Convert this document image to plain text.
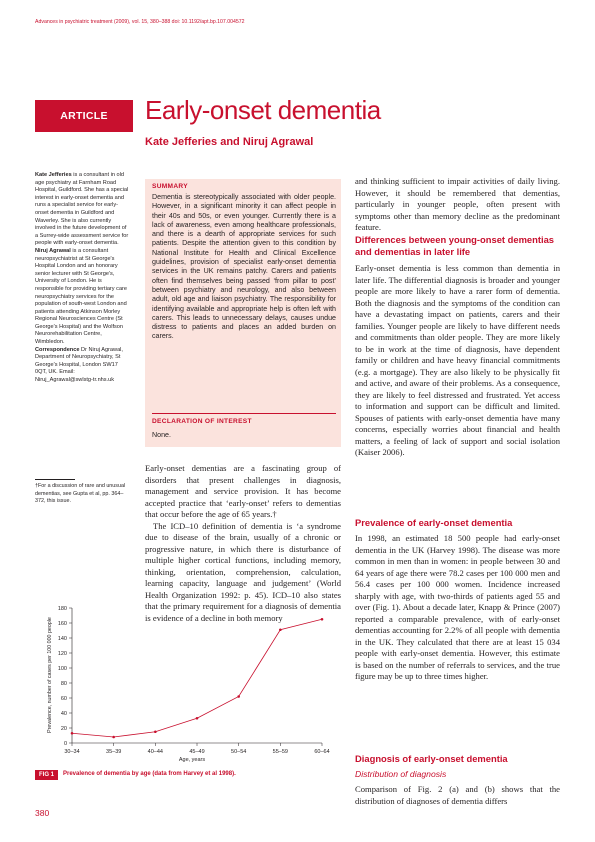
Advances in psychiatric treatment (2009), vol. 15, 380–388 doi: 10.1192/apt.bp.107.004572
ARTICLE	Early-onset dementia
Kate Jefferies and Niruj Agrawal

Kate Jefferies is a consultant in old age psychiatry at Farnham Road Hospital, Guildford. She has a special interest in early-onset dementia and runs a specialist service for early-onset dementia in Guildford and Waverley. She is also currently involved in the future development of a Surrey-wide assessment service for people with early-onset dementia.

Niruj Agrawal is a consultant neuropsychiatrist at St George's Hospital London and an honorary senior lecturer with St George's, University of London. He is responsible for providing tertiary care neuropsychiatry services for the population of south-west London and patients attending Atkinson Morley Regional Neurosciences Centre (St George's Hospital) and the Wolfson Neurorehabilitation Centre, Wimbledon.

Correspondence Dr Niruj Agrawal, Department of Neuropsychiatry, St George's Hospital, London SW17 0QT, UK. Email: Niruj_Agrawal@swlstg-tr.nhs.uk

†For a discussion of rare and unusual dementias, see Gupta et al, pp. 364–372, this issue.
SUMMARY

Dementia is stereotypically associated with older people. However, in a significant minority it can affect people in their 40s and 50s, or even younger. Currently there is a lack of awareness, even among healthcare professionals, and there is a dearth of appropriate services for such patients. Despite the attention given to this condition by National Institute for Health and Clinical Excellence guidelines, provision of specialist early-onset dementia services in the UK remains patchy. Carers and patients often find themselves being passed ‘from pillar to post’ between psychiatry and neurology, and also between adult, old age and liaison psychiatry. The responsibility for identifying available and appropriate help is often left with carers. This leads to unnecessary delays, causes undue distress to patients and places an added burden on carers.

DECLARATION OF INTEREST
None.

Early-onset dementias are a fascinating group of disorders that present challenges in diagnosis, management and service provision. It has become accepted practice that ‘early-onset’ refers to dementias that occur before the age of 65 years.†

The ICD–10 definition of dementia is ‘a syndrome due to disease of the brain, usually of a chronic or progressive nature, in which there is disturbance of multiple higher cortical functions, including memory, thinking, orientation, comprehension, calculation, learning capacity, language and judgement’ (World Health Organization 1992: p. 45). ICD–10 also states that the primary requirement for a diagnosis of dementia is evidence of a decline in both memory

and thinking sufficient to impair activities of daily living. However, it should be remembered that dementias, particularly in younger people, often present with symptoms other than memory decline as the predominant feature.
Differences between young-onset dementias and dementias in later life
Early-onset dementia is less common than dementia in later life. The differential diagnosis is broader and younger people are more likely to have a rarer form of dementia. Both the diagnosis and the symptoms of the condition can have a devastating impact on patients, carers and their families. Younger people are likely to have different needs and commitments than older people. They are more likely to be in work at the time of diagnosis, have dependent family or children and have heavy financial commitments (e.g. a mortgage). They are also likely to be physically fit and active, and aware of their problems. As a consequence, they are likely to feel distressed and frustrated. Yet access to information and support can be difficult and limited. Spouses of patients with early-onset dementia have many concerns, especially worries about financial and health matters, a feeling of lack of support and social isolation (Kaiser 2006).
Prevalence of early-onset dementia
In 1998, an estimated 18 500 people had early-onset dementia in the UK (Harvey 1998). The disease was more common in men than in women: in people between 30 and 64 years of age there were 78.2 cases per 100 000 men and 56.4 cases per 100 000 women. Incidence increased sharply with age, with two-thirds of patients aged 55 and over (Fig. 1). About a decade later, Knapp & Prince (2007) reported a comparable prevalence, with of early-onset dementias accounting for 2.2% of all people with dementia in the UK. They calculated that there are at least 15 034 people with early-onset dementia. However, this estimate is based on the number of referrals to services, and the true figure may be up to three times higher.
Diagnosis of early-onset dementia
Distribution of diagnosis
Comparison of Fig. 2 (a) and (b) shows that the distribution of diagnoses of dementia differs
0
20
40
60
80
100
120
140
160
180
30–34	35–39	40–44	45–49	50–54	55–59	60–64
Age, years
Prevalence, number of cases per 100 000 people
FIG 1	Prevalence of dementia by age (data from Harvey et al 1998).
380
